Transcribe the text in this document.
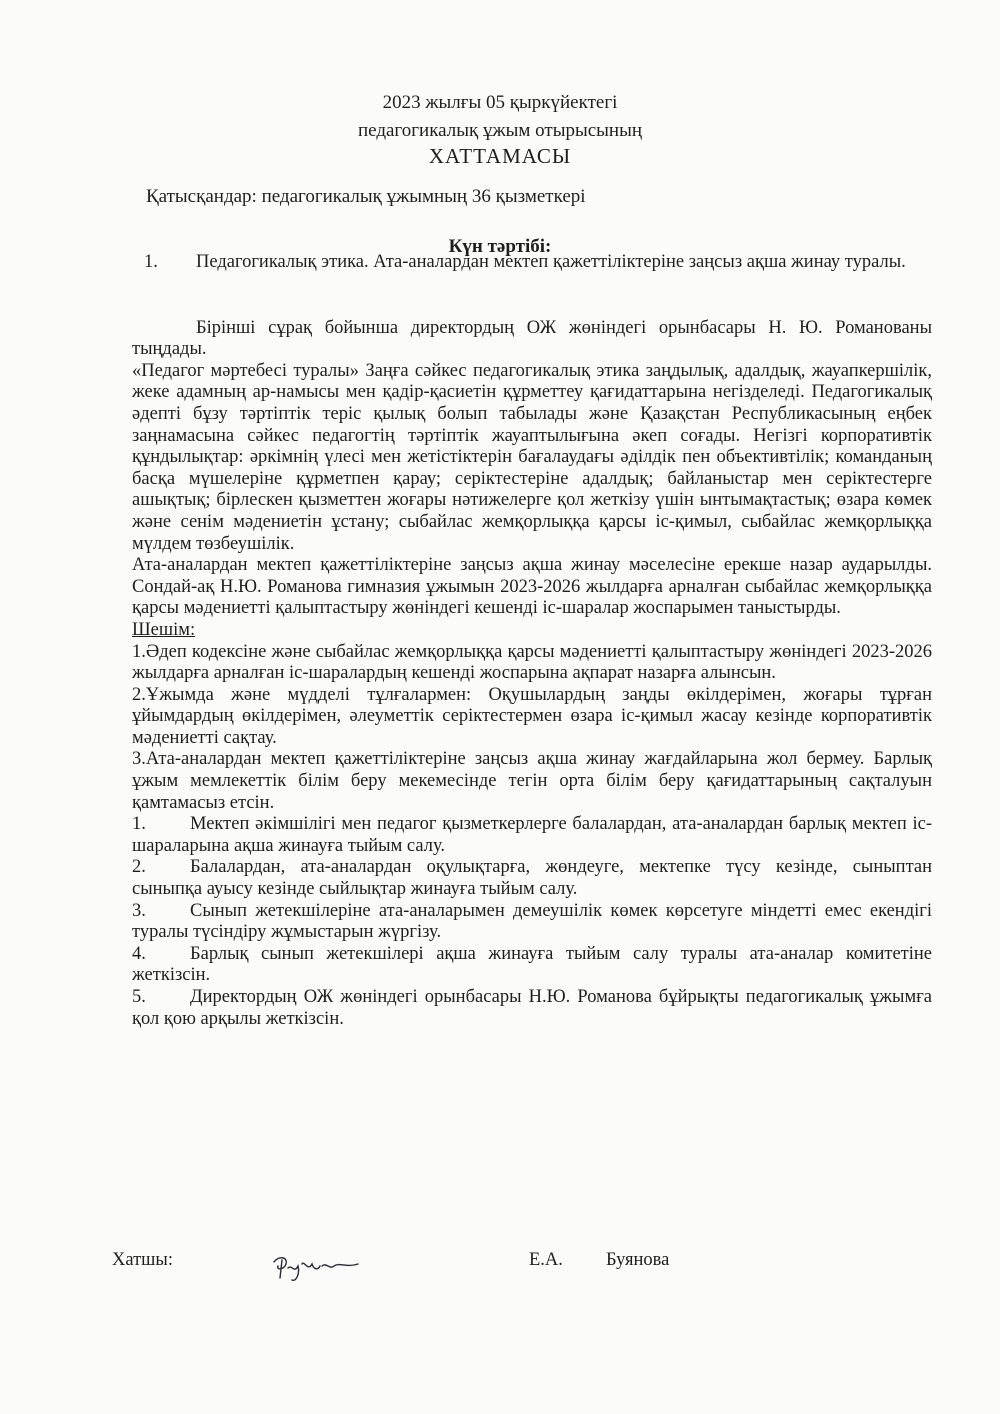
2023 жылғы 05 қыркүйектегі
педагогикалық ұжым отырысының
ХАТТАМАСЫ
Қатысқандар: педагогикалық ұжымның 36 қызметкері
Күн тәртібі:

1. Педагогикалық этика. Ата-аналардан мектеп қажеттіліктеріне заңсыз ақша жинау туралы.

Бірінші сұрақ бойынша директордың ОЖ жөніндегі орынбасары Н. Ю. Романованы тыңдады.

«Педагог мәртебесі туралы» Заңға сәйкес педагогикалық этика заңдылық, адалдық, жауапкершілік, жеке адамның ар-намысы мен қадір-қасиетін құрметтеу қағидаттарына негізделеді. Педагогикалық әдепті бұзу тәртіптік теріс қылық болып табылады және Қазақстан Республикасының еңбек заңнамасына сәйкес педагогтің тәртіптік жауаптылығына әкеп соғады. Негізгі корпоративтік құндылықтар: әркімнің үлесі мен жетістіктерін бағалаудағы әділдік пен объективтілік; команданың басқа мүшелеріне құрметпен қарау; серіктестеріне адалдық; байланыстар мен серіктестерге ашықтық; бірлескен қызметтен жоғары нәтижелерге қол жеткізу үшін ынтымақтастық; өзара көмек және сенім мәдениетін ұстану; сыбайлас жемқорлыққа қарсы іс-қимыл, сыбайлас жемқорлыққа мүлдем төзбеушілік.

Ата-аналардан мектеп қажеттіліктеріне заңсыз ақша жинау мәселесіне ерекше назар аударылды. Сондай-ақ Н.Ю. Романова гимназия ұжымын 2023-2026 жылдарға арналған сыбайлас жемқорлыққа қарсы мәдениетті қалыптастыру жөніндегі кешенді іс-шаралар жоспарымен таныстырды.

Шешім:

1.Әдеп кодексіне және сыбайлас жемқорлыққа қарсы мәдениетті қалыптастыру жөніндегі 2023-2026 жылдарға арналған іс-шаралардың кешенді жоспарына ақпарат назарға алынсын.

2.Ұжымда және мүдделі тұлғалармен: Оқушылардың заңды өкілдерімен, жоғары тұрған ұйымдардың өкілдерімен, әлеуметтік серіктестермен өзара іс-қимыл жасау кезінде корпоративтік мәдениетті сақтау.

3.Ата-аналардан мектеп қажеттіліктеріне заңсыз ақша жинау жағдайларына жол бермеу. Барлық ұжым мемлекеттік білім беру мекемесінде тегін орта білім беру қағидаттарының сақталуын қамтамасыз етсін.

1. Мектеп әкімшілігі мен педагог қызметкерлерге балалардан, ата-аналардан барлық мектеп іс-шараларына ақша жинауға тыйым салу.

2. Балалардан, ата-аналардан оқулықтарға, жөндеуге, мектепке түсу кезінде, сыныптан сыныпқа ауысу кезінде сыйлықтар жинауға тыйым салу.

3. Сынып жетекшілеріне ата-аналарымен демеушілік көмек көрсетуге міндетті емес екендігі туралы түсіндіру жұмыстарын жүргізу.

4. Барлық сынып жетекшілері ақша жинауға тыйым салу туралы ата-аналар комитетіне жеткізсін.

5. Директордың ОЖ жөніндегі орынбасары Н.Ю. Романова бұйрықты педагогикалық ұжымға қол қою арқылы жеткізсін.

Хатшы:	Е.А. Буянова
